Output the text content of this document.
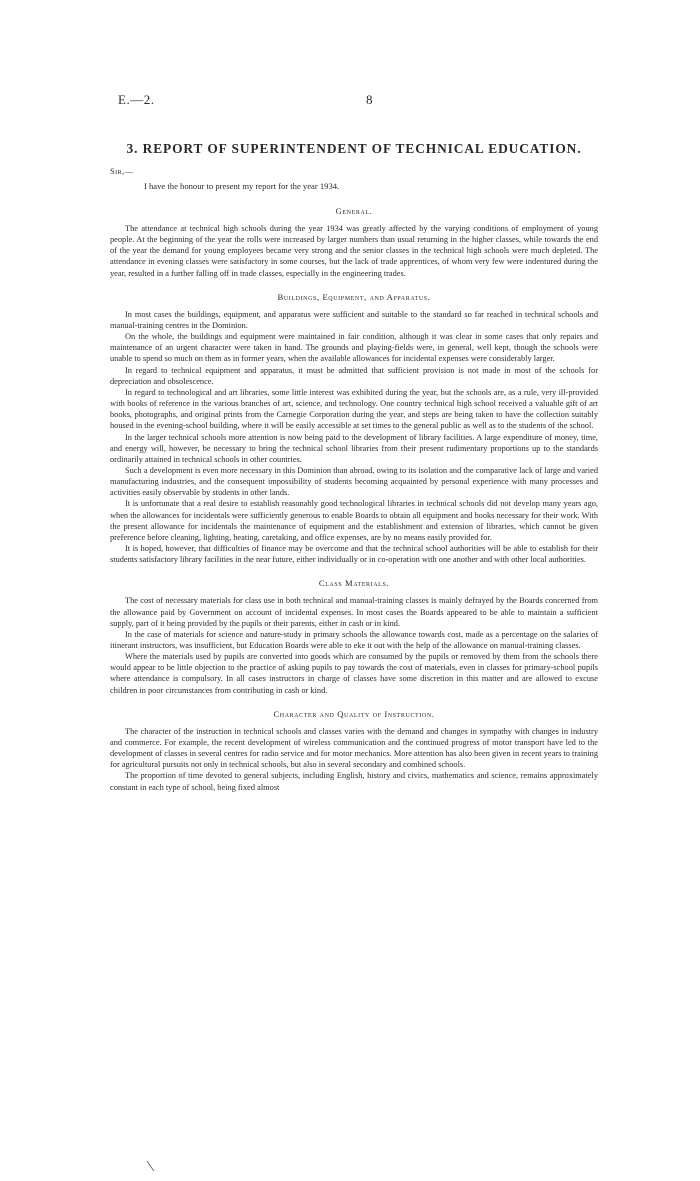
E.—2.	8
3. REPORT OF SUPERINTENDENT OF TECHNICAL EDUCATION.

Sir,—

I have the honour to present my report for the year 1934.

General.

The attendance at technical high schools during the year 1934 was greatly affected by the varying conditions of employment of young people. At the beginning of the year the rolls were increased by larger numbers than usual returning in the higher classes, while towards the end of the year the demand for young employees became very strong and the senior classes in the technical high schools were much depleted. The attendance in evening classes were satisfactory in some courses, but the lack of trade apprentices, of whom very few were indentured during the year, resulted in a further falling off in trade classes, especially in the engineering trades.

Buildings, Equipment, and Apparatus.

In most cases the buildings, equipment, and apparatus were sufficient and suitable to the standard so far reached in technical schools and manual-training centres in the Dominion.

On the whole, the buildings and equipment were maintained in fair condition, although it was clear in some cases that only repairs and maintenance of an urgent character were taken in hand. The grounds and playing-fields were, in general, well kept, though the schools were unable to spend so much on them as in former years, when the available allowances for incidental expenses were considerably larger.

In regard to technical equipment and apparatus, it must be admitted that sufficient provision is not made in most of the schools for depreciation and obsolescence.

In regard to technological and art libraries, some little interest was exhibited during the year, but the schools are, as a rule, very ill-provided with books of reference in the various branches of art, science, and technology. One country technical high school received a valuable gift of art books, photographs, and original prints from the Carnegie Corporation during the year, and steps are being taken to have the collection suitably housed in the evening-school building, where it will be easily accessible at set times to the general public as well as to the students of the school.

In the larger technical schools more attention is now being paid to the development of library facilities. A large expenditure of money, time, and energy will, however, be necessary to bring the technical school libraries from their present rudimentary proportions up to the standards ordinarily attained in technical schools in other countries.

Such a development is even more necessary in this Dominion than abroad, owing to its isolation and the comparative lack of large and varied manufacturing industries, and the consequent impossibility of students becoming acquainted by personal experience with many processes and activities easily observable by students in other lands.

It is unfortunate that a real desire to establish reasonably good technological libraries in technical schools did not develop many years ago, when the allowances for incidentals were sufficiently generous to enable Boards to obtain all equipment and books necessary for their work. With the present allowance for incidentals the maintenance of equipment and the establishment and extension of libraries, which cannot be given preference before cleaning, lighting, heating, caretaking, and office expenses, are by no means easily provided for.

It is hoped, however, that difficulties of finance may be overcome and that the technical school authorities will be able to establish for their students satisfactory library facilities in the near future, either individually or in co-operation with one another and with other local authorities.

Class Materials.

The cost of necessary materials for class use in both technical and manual-training classes is mainly defrayed by the Boards concerned from the allowance paid by Government on account of incidental expenses. In most cases the Boards appeared to be able to maintain a sufficient supply, part of it being provided by the pupils or their parents, either in cash or in kind.

In the case of materials for science and nature-study in primary schools the allowance towards cost, made as a percentage on the salaries of itinerant instructors, was insufficient, but Education Boards were able to eke it out with the help of the allowance on manual-training classes.

Where the materials used by pupils are converted into goods which are consumed by the pupils or removed by them from the schools there would appear to be little objection to the practice of asking pupils to pay towards the cost of materials, even in classes for primary-school pupils where attendance is compulsory. In all cases instructors in charge of classes have some discretion in this matter and are allowed to excuse children in poor circumstances from contributing in cash or kind.

Character and Quality of Instruction.

The character of the instruction in technical schools and classes varies with the demand and changes in sympathy with changes in industry and commerce. For example, the recent development of wireless communication and the continued progress of motor transport have led to the development of classes in several centres for radio service and for motor mechanics. More attention has also been given in recent years to training for agricultural pursuits not only in technical schools, but also in several secondary and combined schools.

The proportion of time devoted to general subjects, including English, history and civics, mathematics and science, remains approximately constant in each type of school, being fixed almost
